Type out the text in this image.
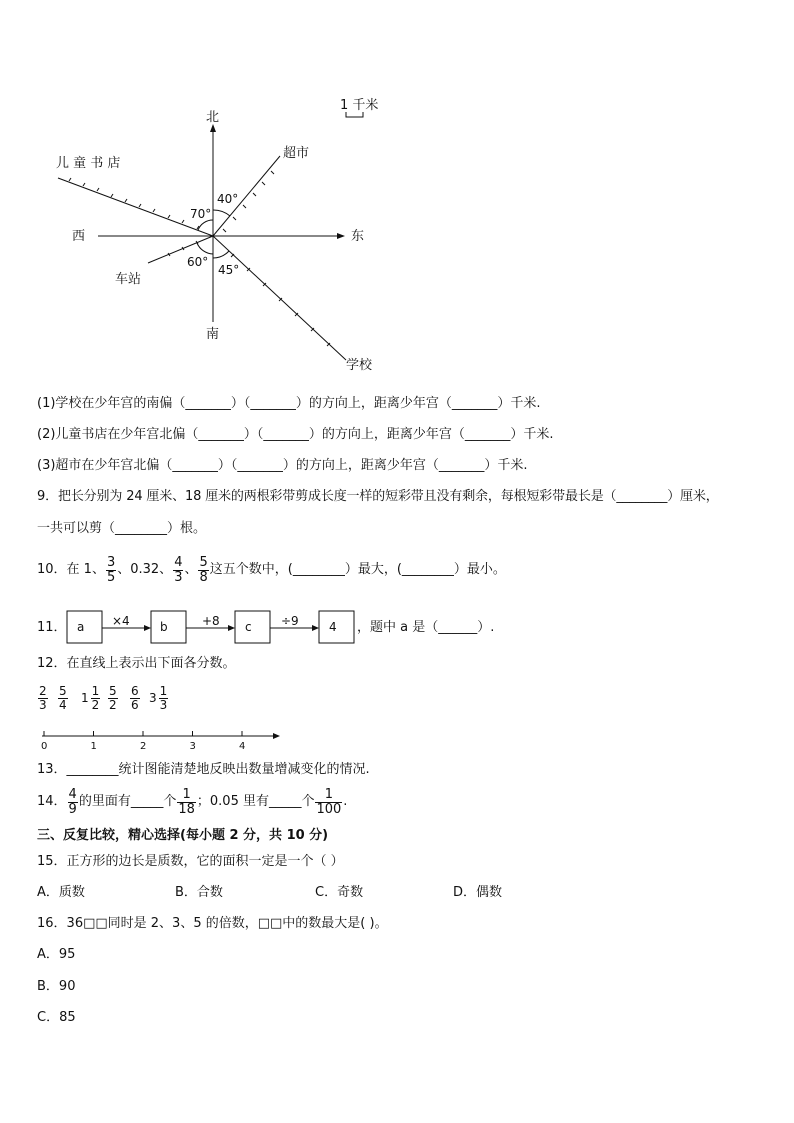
1 千米
北
南
东
西
超市
儿 童 书 店
车站
学校
40°
70°
60°
45°
(1)学校在少年宫的南偏（_______）（_______）的方向上，距离少年宫（_______）千米.
(2)儿童书店在少年宫北偏（_______）（_______）的方向上，距离少年宫（_______）千米.
(3)超市在少年宫北偏（_______）（_______）的方向上，距离少年宫（_______）千米.
9．把长分别为 24 厘米、18 厘米的两根彩带剪成长度一样的短彩带且没有剩余，每根短彩带最长是（________）厘米，
一共可以剪（________）根。
10．在 1、 $\frac{3}{5}$ 、0.32、 $\frac{4}{3}$ 、 $\frac{5}{8}$ 这五个数中，(________）最大，(________）最小。
11． a ×4	b	+8 c ÷9	4 ，题中 a 是（______）.
12．在直线上表示出下面各分数。
$\frac{2}{3} \frac{5}{4} 1 \frac{1}{2} \frac{5}{2} \frac{6}{6} 3 \frac{1}{3}$
0	1	2	3	4
13．________统计图能清楚地反映出数量增减变化的情况.
14． $\frac{4}{9}$ 的里面有_____个 $\frac{1}{18}$ ；0.05 里有_____个 $\frac{1}{100}$ .
三、反复比较，精心选择(每小题 2 分，共 10 分)
15．正方形的边长是质数，它的面积一定是一个（ ）
A．质数	B．合数	C．奇数	D．偶数
16．36□□同时是 2、3、5 的倍数，□□中的数最大是( )。
A．95
B．90
C．85
